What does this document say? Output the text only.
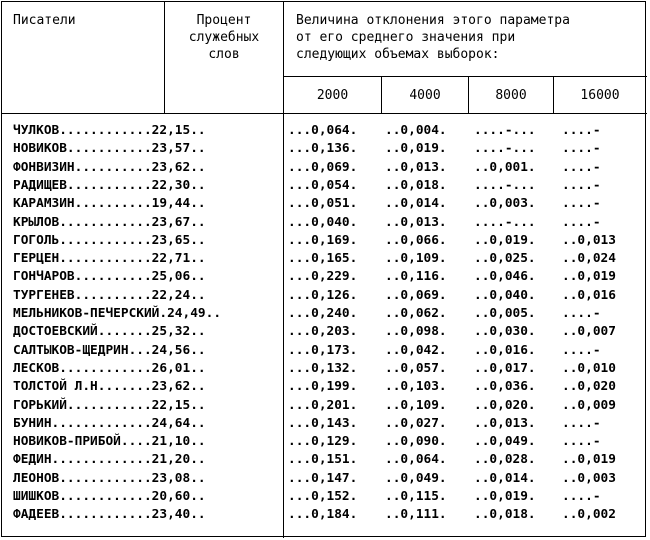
Писатели	Процент
служебных
слов
Величина отклонения этого параметра
от его среднего значения при
следующих объемах выборок:
2000	4000	8000	16000
ЧУЛКОВ............22,15..	...0,064.	..0,004.	....-...	....-
НОВИКОВ...........23,57..	...0,136.	..0,019.	....-...	....-
ФОНВИЗИН..........23,62..	...0,069.	..0,013.	..0,001.	....-
РАДИЩЕВ...........22,30..	...0,054.	..0,018.	....-...	....-
КАРАМЗИН..........19,44..	...0,051.	..0,014.	..0,003.	....-
КРЫЛОВ............23,67..	...0,040.	..0,013.	....-...	....-
ГОГОЛЬ............23,65..	...0,169.	..0,066.	..0,019.	..0,013
ГЕРЦЕН............22,71..	...0,165.	..0,109.	..0,025.	..0,024
ГОНЧАРОВ..........25,06..	...0,229.	..0,116.	..0,046.	..0,019
ТУРГЕНЕВ..........22,24..	...0,126.	..0,069.	..0,040.	..0,016
МЕЛЬНИКОВ-ПЕЧЕРСКИЙ.24,49..	...0,240.	..0,062.	..0,005.	....-
ДОСТОЕВСКИЙ.......25,32..	...0,203.	..0,098.	..0,030.	..0,007
САЛТЫКОВ-ЩЕДРИН...24,56..	...0,173.	..0,042.	..0,016.	....-
ЛЕСКОВ............26,01..	...0,132.	..0,057.	..0,017.	..0,010
ТОЛСТОЙ Л.Н.......23,62..	...0,199.	..0,103.	..0,036.	..0,020
ГОРЬКИЙ...........22,15..	...0,201.	..0,109.	..0,020.	..0,009
БУНИН.............24,64..	...0,143.	..0,027.	..0,013.	....-
НОВИКОВ-ПРИБОЙ....21,10..	...0,129.	..0,090.	..0,049.	....-
ФЕДИН.............21,20..	...0,151.	..0,064.	..0,028.	..0,019
ЛЕОНОВ............23,08..	...0,147.	..0,049.	..0,014.	..0,003
ШИШКОВ............20,60..	...0,152.	..0,115.	..0,019.	....-
ФАДЕЕВ............23,40..	...0,184.	..0,111.	..0,018.	..0,002
